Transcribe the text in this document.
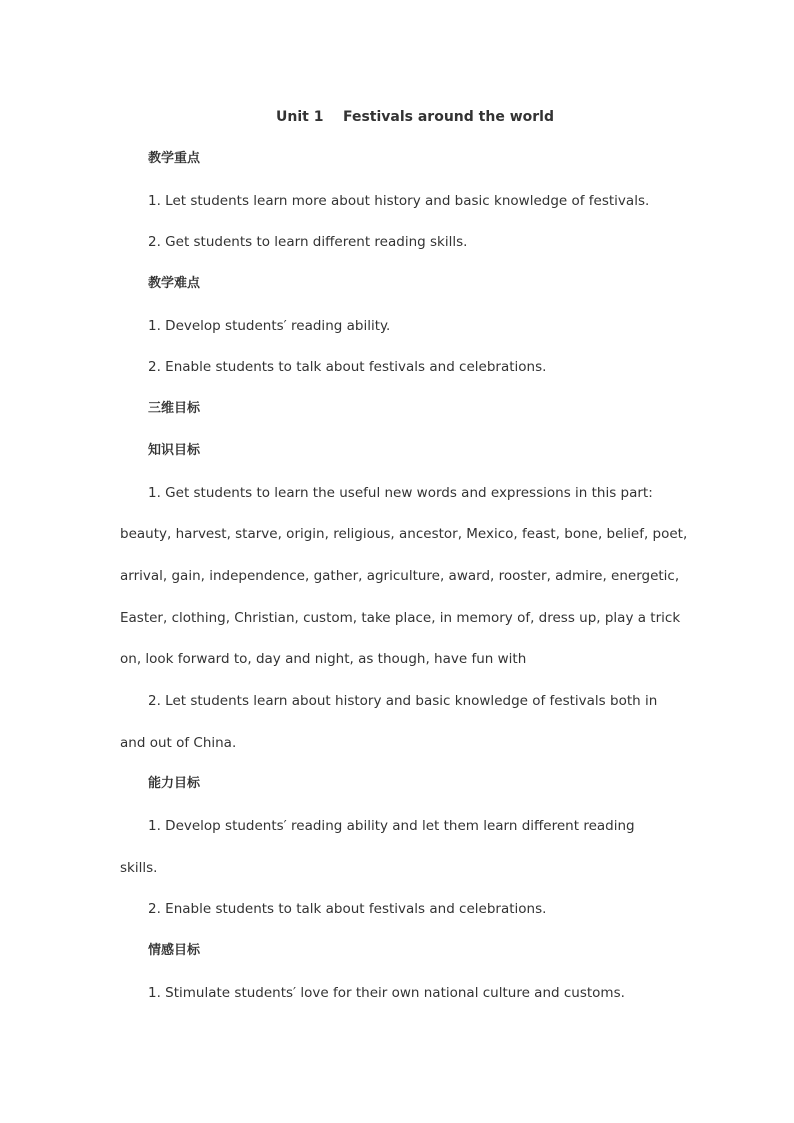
Unit 1    Festivals around the world
教学重点
1. Let students learn more about history and basic knowledge of festivals.
2. Get students to learn different reading skills.
教学难点
1. Develop students′ reading ability.
2. Enable students to talk about festivals and celebrations.
三维目标
知识目标
1. Get students to learn the useful new words and expressions in this part:
beauty, harvest, starve, origin, religious, ancestor, Mexico, feast, bone, belief, poet,
arrival, gain, independence, gather, agriculture, award, rooster, admire, energetic,
Easter, clothing, Christian, custom, take place, in memory of, dress up, play a trick
on, look forward to, day and night, as though, have fun with
2. Let students learn about history and basic knowledge of festivals both in
and out of China.
能力目标
1. Develop students′ reading ability and let them learn different reading
skills.
2. Enable students to talk about festivals and celebrations.
情感目标
1. Stimulate students′ love for their own national culture and customs.
